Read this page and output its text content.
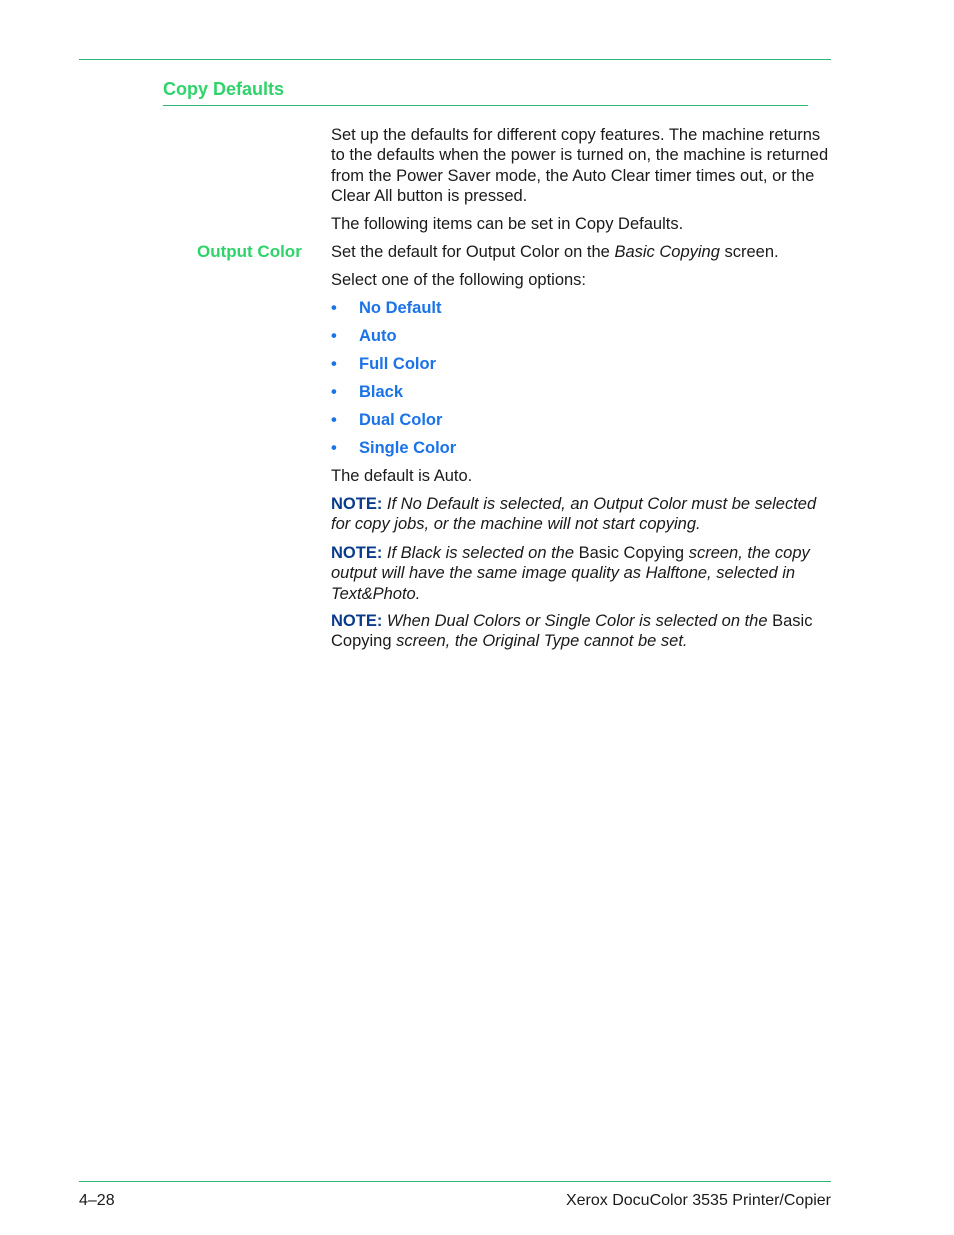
Copy Defaults

Set up the defaults for different copy features. The machine returns to the defaults when the power is turned on, the machine is returned from the Power Saver mode, the Auto Clear timer times out, or the Clear All button is pressed.

The following items can be set in Copy Defaults.

Output Color Set the default for Output Color on the Basic Copying screen.

Select one of the following options:

• No Default
• Auto
• Full Color
• Black
• Dual Color
• Single Color

The default is Auto.

NOTE: If No Default is selected, an Output Color must be selected for copy jobs, or the machine will not start copying.

NOTE: If Black is selected on the Basic Copying screen, the copy output will have the same image quality as Halftone, selected in Text&Photo.

NOTE: When Dual Colors or Single Color is selected on the Basic Copying screen, the Original Type cannot be set.

4–28	Xerox DocuColor 3535 Printer/Copier
